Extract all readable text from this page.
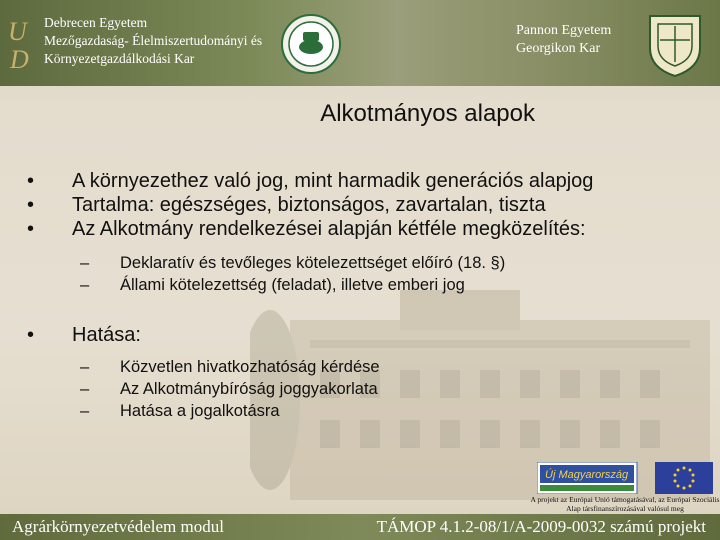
U
D
Debrecen Egyetem
Mezőgazdaság- Élelmiszertudományi és
Környezetgazdálkodási Kar
Pannon Egyetem
Georgikon Kar
Alkotmányos alapok
• A környezethez való jog, mint harmadik generációs alapjog
• Tartalma: egészséges, biztonságos, zavartalan, tiszta
• Az Alkotmány rendelkezései alapján kétféle megközelítés:
– Deklaratív és tevőleges kötelezettséget előíró (18. §)
– Állami kötelezettség (feladat), illetve emberi jog
• Hatása:
– Közvetlen hivatkozhatóság kérdése
– Az Alkotmánybíróság joggyakorlata
– Hatása a jogalkotásra
Új Magyarország
A projekt az Európai Unió támogatásával, az Európai Szociális Alap társfinanszírozásával valósul meg
Agrárkörnyezetvédelem modul	TÁMOP 4.1.2-08/1/A-2009-0032 számú projekt
